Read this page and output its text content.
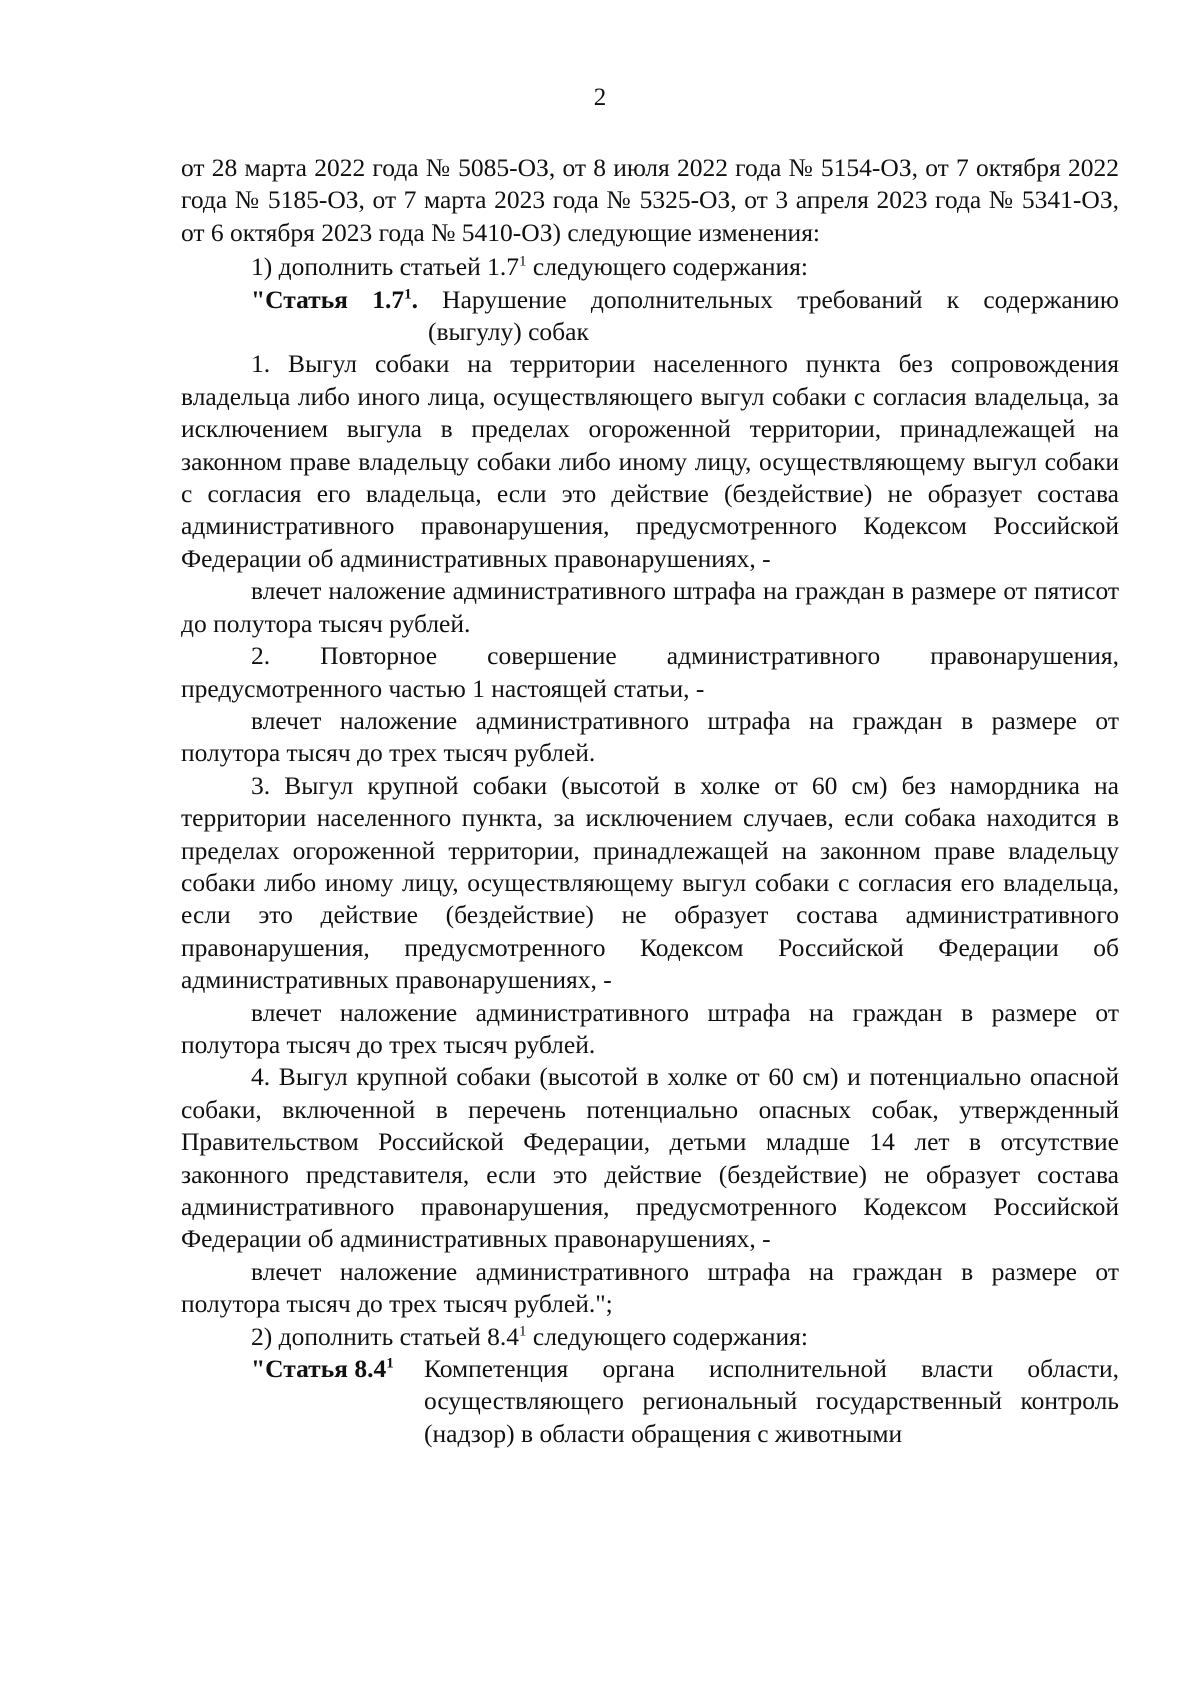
2

от 28 марта 2022 года № 5085-ОЗ, от 8 июля 2022 года № 5154-ОЗ, от 7 октября 2022 года № 5185-ОЗ, от 7 марта 2023 года № 5325-ОЗ, от 3 апреля 2023 года № 5341-ОЗ, от 6 октября 2023 года № 5410-ОЗ) следующие изменения:

1) дополнить статьей $1.7^1$ следующего содержания:

"Статья $1.7^1$. Нарушение дополнительных требований к содержанию

(выгулу) собак

1. Выгул собаки на территории населенного пункта без сопровождения владельца либо иного лица, осуществляющего выгул собаки с согласия владельца, за исключением выгула в пределах огороженной территории, принадлежащей на законном праве владельцу собаки либо иному лицу, осуществляющему выгул собаки с согласия его владельца, если это действие (бездействие) не образует состава административного правонарушения, предусмотренного Кодексом Российской Федерации об административных правонарушениях, -

влечет наложение административного штрафа на граждан в размере от пятисот до полутора тысяч рублей.

2. Повторное совершение административного правонарушения, предусмотренного частью 1 настоящей статьи, -

влечет наложение административного штрафа на граждан в размере от полутора тысяч до трех тысяч рублей.

3. Выгул крупной собаки (высотой в холке от 60 см) без намордника на территории населенного пункта, за исключением случаев, если собака находится в пределах огороженной территории, принадлежащей на законном праве владельцу собаки либо иному лицу, осуществляющему выгул собаки с согласия его владельца, если это действие (бездействие) не образует состава административного правонарушения, предусмотренного Кодексом Российской Федерации об административных правонарушениях, -

влечет наложение административного штрафа на граждан в размере от полутора тысяч до трех тысяч рублей.

4. Выгул крупной собаки (высотой в холке от 60 см) и потенциально опасной собаки, включенной в перечень потенциально опасных собак, утвержденный Правительством Российской Федерации, детьми младше 14 лет в отсутствие законного представителя, если это действие (бездействие) не образует состава административного правонарушения, предусмотренного Кодексом Российской Федерации об административных правонарушениях, -

влечет наложение административного штрафа на граждан в размере от полутора тысяч до трех тысяч рублей.";

2) дополнить статьей $8.4^1$ следующего содержания:

"Статья $8.4^1$	Компетенция органа исполнительной власти области, осуществляющего региональный государственный контроль (надзор) в области обращения с животными
